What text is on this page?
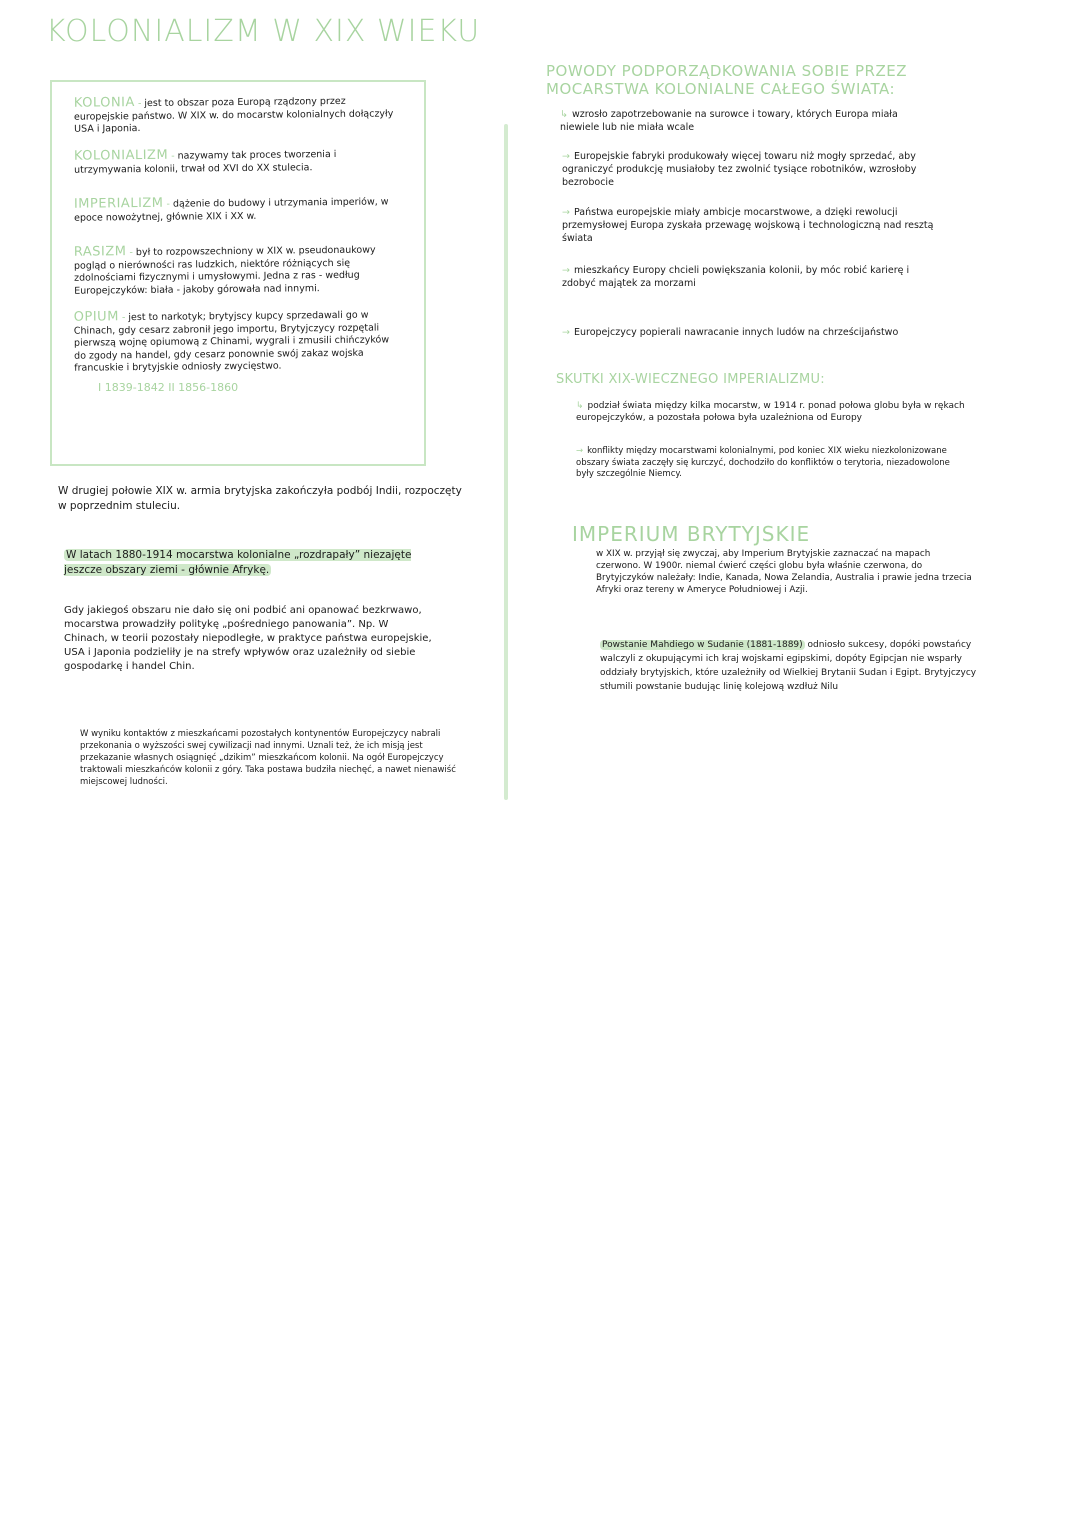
KOLONIALIZM W XIX WIEKU
KOLONIA - jest to obszar poza Europą rządzony przez europejskie państwo. W XIX w. do mocarstw kolonialnych dołączyły USA i Japonia.
KOLONIALIZM - nazywamy tak proces tworzenia i utrzymywania kolonii, trwał od XVI do XX stulecia.
IMPERIALIZM - dążenie do budowy i utrzymania imperiów, w epoce nowożytnej, głównie XIX i XX w.
RASIZM - był to rozpowszechniony w XIX w. pseudonaukowy pogląd o nierówności ras ludzkich, niektóre różniących się zdolnościami fizycznymi i umysłowymi. Jedna z ras - według Europejczyków: biała - jakoby górowała nad innymi.
OPIUM - jest to narkotyk; brytyjscy kupcy sprzedawali go w Chinach, gdy cesarz zabronił jego importu, Brytyjczycy rozpętali pierwszą wojnę opiumową z Chinami, wygrali i zmusili chińczyków do zgody na handel, gdy cesarz ponownie swój zakaz wojska francuskie i brytyjskie odniosły zwycięstwo.
I 1839-1842 II 1856-1860
W drugiej połowie XIX w. armia brytyjska zakończyła podbój Indii, rozpoczęty w poprzednim stuleciu.
W latach 1880-1914 mocarstwa kolonialne „rozdrapały” niezajęte jeszcze obszary ziemi - głównie Afrykę.
Gdy jakiegoś obszaru nie dało się oni podbić ani opanować bezkrwawo, mocarstwa prowadziły politykę „pośredniego panowania”. Np. W Chinach, w teorii pozostały niepodległe, w praktyce państwa europejskie, USA i Japonia podzieliły je na strefy wpływów oraz uzależniły od siebie gospodarkę i handel Chin.
W wyniku kontaktów z mieszkańcami pozostałych kontynentów Europejczycy nabrali przekonania o wyższości swej cywilizacji nad innymi. Uznali też, że ich misją jest przekazanie własnych osiągnięć „dzikim” mieszkańcom kolonii. Na ogół Europejczycy traktowali mieszkańców kolonii z góry. Taka postawa budziła niechęć, a nawet nienawiść miejscowej ludności.
POWODY PODPORZĄDKOWANIA SOBIE PRZEZ MOCARSTWA KOLONIALNE CAŁEGO ŚWIATA:
↳ wzrosło zapotrzebowanie na surowce i towary, których Europa miała niewiele lub nie miała wcale
→ Europejskie fabryki produkowały więcej towaru niż mogły sprzedać, aby ograniczyć produkcję musiałoby tez zwolnić tysiące robotników, wzrosłoby bezrobocie
→ Państwa europejskie miały ambicje mocarstwowe, a dzięki rewolucji przemysłowej Europa zyskała przewagę wojskową i technologiczną nad resztą świata
→ mieszkańcy Europy chcieli powiększania kolonii, by móc robić karierę i zdobyć majątek za morzami
→ Europejczycy popierali nawracanie innych ludów na chrześcijaństwo
SKUTKI XIX-WIECZNEGO IMPERIALIZMU:
↳ podział świata między kilka mocarstw, w 1914 r. ponad połowa globu była w rękach europejczyków, a pozostała połowa była uzależniona od Europy
→ konflikty między mocarstwami kolonialnymi, pod koniec XIX wieku niezkolonizowane obszary świata zaczęły się kurczyć, dochodziło do konfliktów o terytoria, niezadowolone były szczególnie Niemcy.
IMPERIUM BRYTYJSKIE
w XIX w. przyjął się zwyczaj, aby Imperium Brytyjskie zaznaczać na mapach czerwono. W 1900r. niemal ćwierć części globu była właśnie czerwona, do Brytyjczyków należały: Indie, Kanada, Nowa Zelandia, Australia i prawie jedna trzecia Afryki oraz tereny w Ameryce Południowej i Azji.
Powstanie Mahdiego w Sudanie (1881-1889) odniosło sukcesy, dopóki powstańcy walczyli z okupującymi ich kraj wojskami egipskimi, dopóty Egipcjan nie wsparły oddziały brytyjskich, które uzależniły od Wielkiej Brytanii Sudan i Egipt. Brytyjczycy stłumili powstanie budując linię kolejową wzdłuż Nilu
